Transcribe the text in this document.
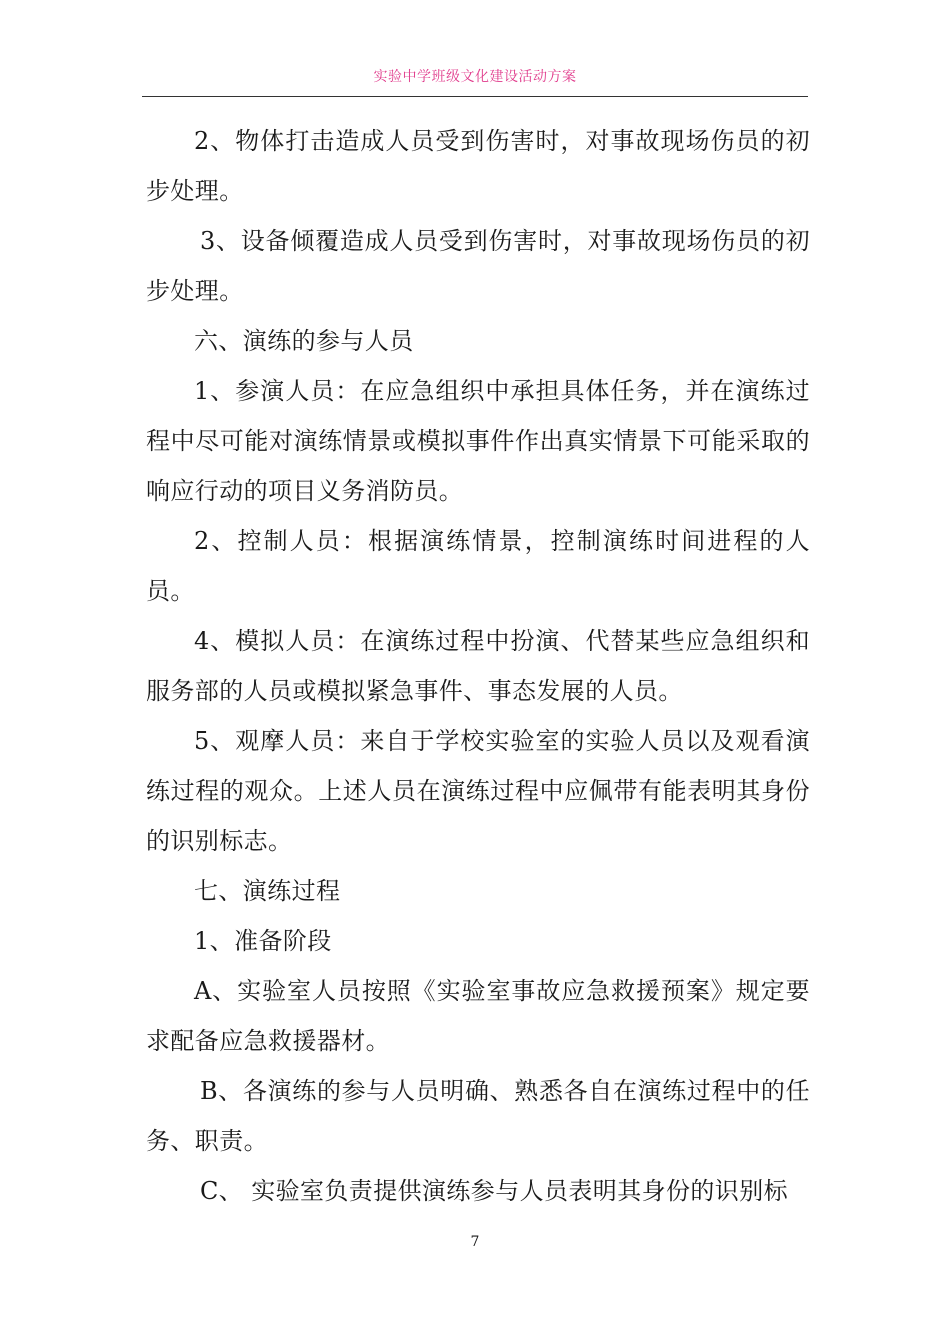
实验中学班级文化建设活动方案

2、物体打击造成人员受到伤害时，对事故现场伤员的初步处理。

3、设备倾覆造成人员受到伤害时，对事故现场伤员的初步处理。

六、演练的参与人员

1、参演人员：在应急组织中承担具体任务，并在演练过程中尽可能对演练情景或模拟事件作出真实情景下可能采取的响应行动的项目义务消防员。

2、控制人员：根据演练情景，控制演练时间进程的人员。

4、模拟人员：在演练过程中扮演、代替某些应急组织和服务部的人员或模拟紧急事件、事态发展的人员。

5、观摩人员：来自于学校实验室的实验人员以及观看演练过程的观众。上述人员在演练过程中应佩带有能表明其身份的识别标志。

七、演练过程

1、准备阶段

A、实验室人员按照《实验室事故应急救援预案》规定要求配备应急救援器材。

B、各演练的参与人员明确、熟悉各自在演练过程中的任务、职责。

C、 实验室负责提供演练参与人员表明其身份的识别标

7
